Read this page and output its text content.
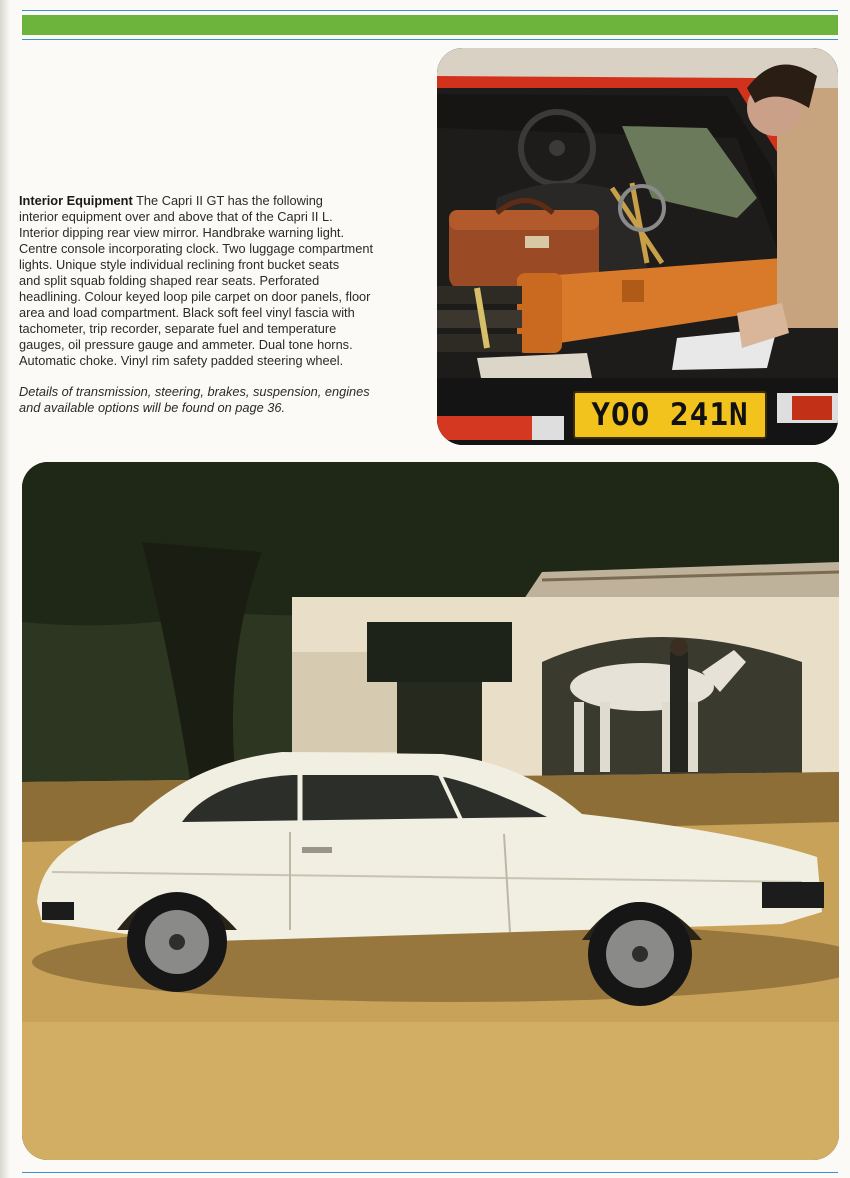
Interior Equipment The Capri II GT has the following
interior equipment over and above that of the Capri II L.
Interior dipping rear view mirror. Handbrake warning light.
Centre console incorporating clock. Two luggage compartment
lights. Unique style individual reclining front bucket seats
and split squab folding shaped rear seats. Perforated
headlining. Colour keyed loop pile carpet on door panels, floor
area and load compartment. Black soft feel vinyl fascia with
tachometer, trip recorder, separate fuel and temperature
gauges, oil pressure gauge and ammeter. Dual tone horns.
Automatic choke. Vinyl rim safety padded steering wheel.

Details of transmission, steering, brakes, suspension, engines
and available options will be found on page 36.	YOO 241N
